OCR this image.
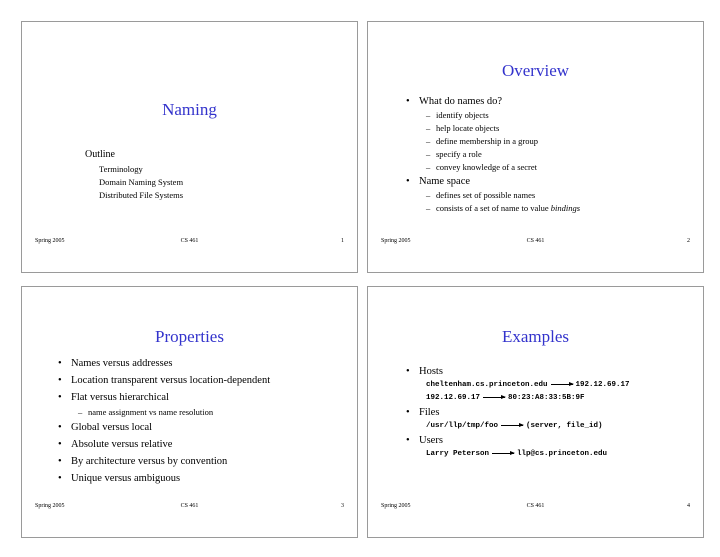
Naming
Outline
Terminology
Domain Naming System
Distributed File Systems
Spring 2005	CS 461	1
Overview
• What do names do?
– identify objects
– help locate objects
– define membership in a group
– specify a role
– convey knowledge of a secret
• Name space
– defines set of possible names
– consists of a set of name to value bindings
Spring 2005	CS 461	2
Properties
• Names versus addresses
• Location transparent versus location-dependent
• Flat versus hierarchical
– name assignment vs name resolution
• Global versus local
• Absolute versus relative
• By architecture versus by convention
• Unique versus ambiguous
Spring 2005	CS 461	3
Examples
• Hosts
cheltenham.cs.princeton.edu	192.12.69.17
192.12.69.17	80:23:A8:33:5B:9F
• Files
/usr/llp/tmp/foo	(server, file_id)
• Users
Larry Peterson	llp@cs.princeton.edu
Spring 2005	CS 461	4
